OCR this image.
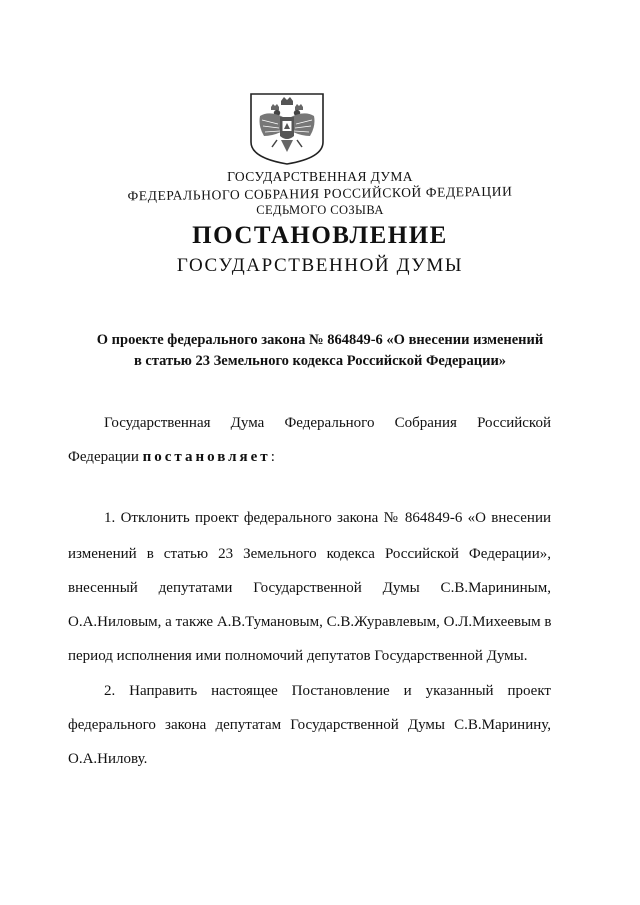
ГОСУДАРСТВЕННАЯ ДУМА
ФЕДЕРАЛЬНОГО СОБРАНИЯ РОССИЙСКОЙ ФЕДЕРАЦИИ
СЕДЬМОГО СОЗЫВА
ПОСТАНОВЛЕНИЕ
ГОСУДАРСТВЕННОЙ ДУМЫ
О проекте федерального закона № 864849-6 «О внесении изменений
в статью 23 Земельного кодекса Российской Федерации»
Государственная Дума Федерального Собрания Российской
Федерации постановляет:
1. Отклонить проект федерального закона № 864849-6 «О внесении
изменений в статью 23 Земельного кодекса Российской Федерации»,
внесенный депутатами Государственной Думы С.В.Марининым,
О.А.Ниловым, а также А.В.Тумановым, С.В.Журавлевым, О.Л.Михеевым в
период исполнения ими полномочий депутатов Государственной Думы.
2. Направить настоящее Постановление и указанный проект
федерального закона депутатам Государственной Думы С.В.Маринину,
О.А.Нилову.
